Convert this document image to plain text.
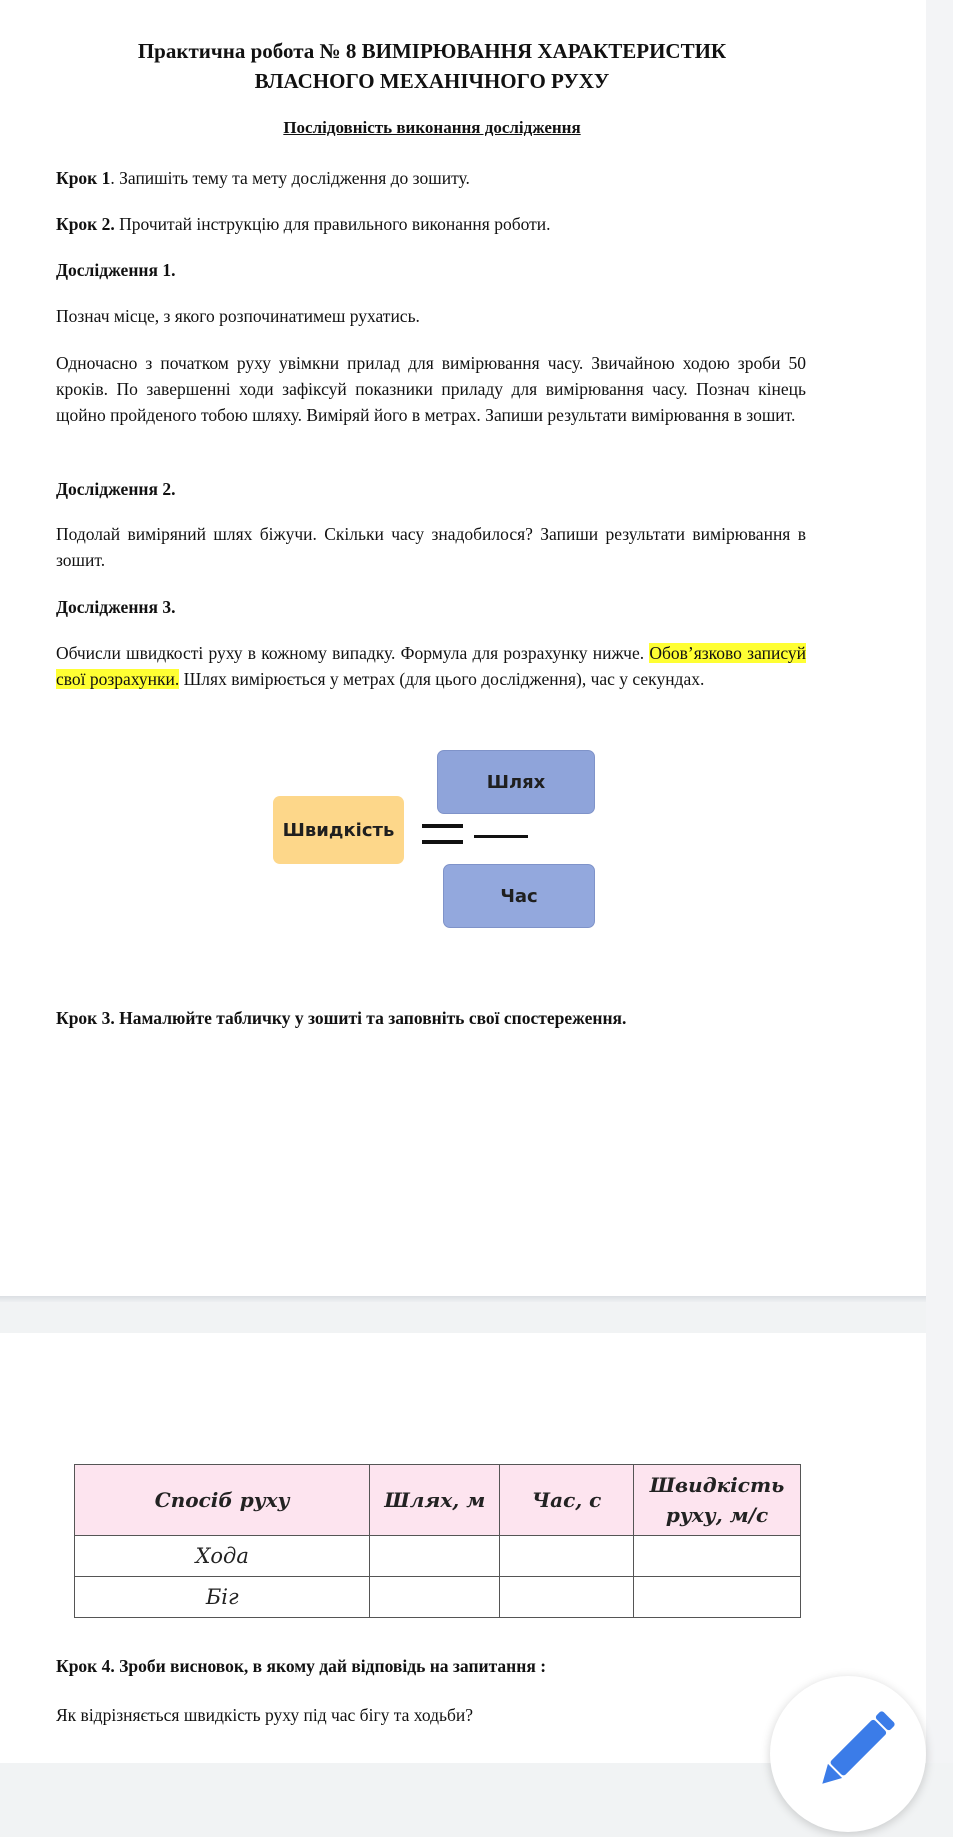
Практична робота № 8 ВИМІРЮВАННЯ ХАРАКТЕРИСТИК
ВЛАСНОГО МЕХАНІЧНОГО РУХУ
Послідовність виконання дослідження
Крок 1. Запишіть тему та мету дослідження до зошиту.
Крок 2. Прочитай інструкцію для правильного виконання роботи.
Дослідження 1.
Познач місце, з якого розпочинатимеш рухатись.
Одночасно з початком руху увімкни прилад для вимірювання часу. Звичайною ходою зроби 50 кроків. По завершенні ходи зафіксуй показники приладу для вимірювання часу. Познач кінець щойно пройденого тобою шляху. Виміряй його в метрах. Запиши результати вимірювання в зошит.
Дослідження 2.
Подолай виміряний шлях біжучи. Скільки часу знадобилося? Запиши результати вимірювання в зошит.
Дослідження 3.
Обчисли швидкості руху в кожному випадку. Формула для розрахунку нижче. Обов’язково записуй свої розрахунки. Шлях вимірюється у метрах (для цього дослідження), час у секундах.
Швидкість
Шлях
Час
Крок 3. Намалюйте табличку у зошиті та заповніть свої спостереження.
Спосіб руху	Шлях, м	Час, с	Швидкість руху, м/с
Хода			
Біг			
Крок 4. Зроби висновок, в якому дай відповідь на запитання :
Як відрізняється швидкість руху під час бігу та ходьби?
